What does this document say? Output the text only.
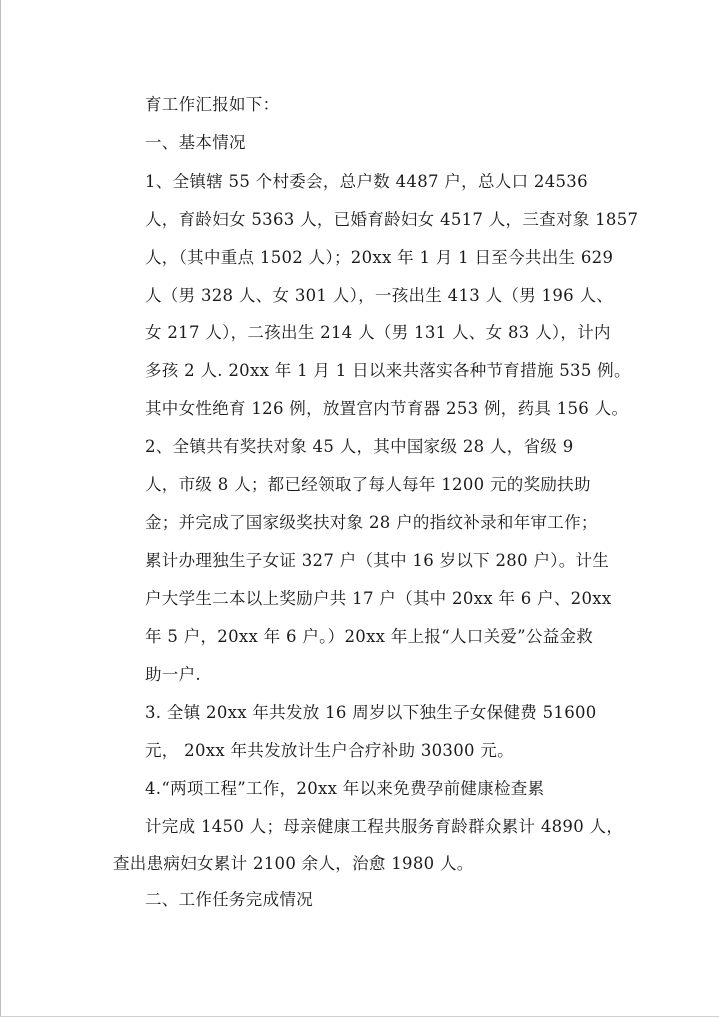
育工作汇报如下：
一、基本情况
1、全镇辖 55 个村委会，总户数 4487 户，总人口 24536
人，育龄妇女 5363 人，已婚育龄妇女 4517 人，三查对象 1857
人，（其中重点 1502 人）；20xx 年 1 月 1 日至今共出生 629
人（男 328 人、女 301 人），一孩出生 413 人（男 196 人、
女 217 人），二孩出生 214 人（男 131 人、女 83 人），计内
多孩 2 人. 20xx 年 1 月 1 日以来共落实各种节育措施 535 例。
其中女性绝育 126 例，放置宫内节育器 253 例，药具 156 人。
2、全镇共有奖扶对象 45 人，其中国家级 28 人，省级 9
人，市级 8 人；都已经领取了每人每年 1200 元的奖励扶助
金；并完成了国家级奖扶对象 28 户的指纹补录和年审工作；
累计办理独生子女证 327 户（其中 16 岁以下 280 户）。计生
户大学生二本以上奖励户共 17 户（其中 20xx 年 6 户、20xx
年 5 户，20xx 年 6 户。）20xx 年上报“人口关爱”公益金救
助一户.
3. 全镇 20xx 年共发放 16 周岁以下独生子女保健费 51600
元， 20xx 年共发放计生户合疗补助 30300 元。
4.“两项工程”工作，20xx 年以来免费孕前健康检查累
计完成 1450 人；母亲健康工程共服务育龄群众累计 4890 人，
查出患病妇女累计 2100 余人，治愈 1980 人。
二、工作任务完成情况
